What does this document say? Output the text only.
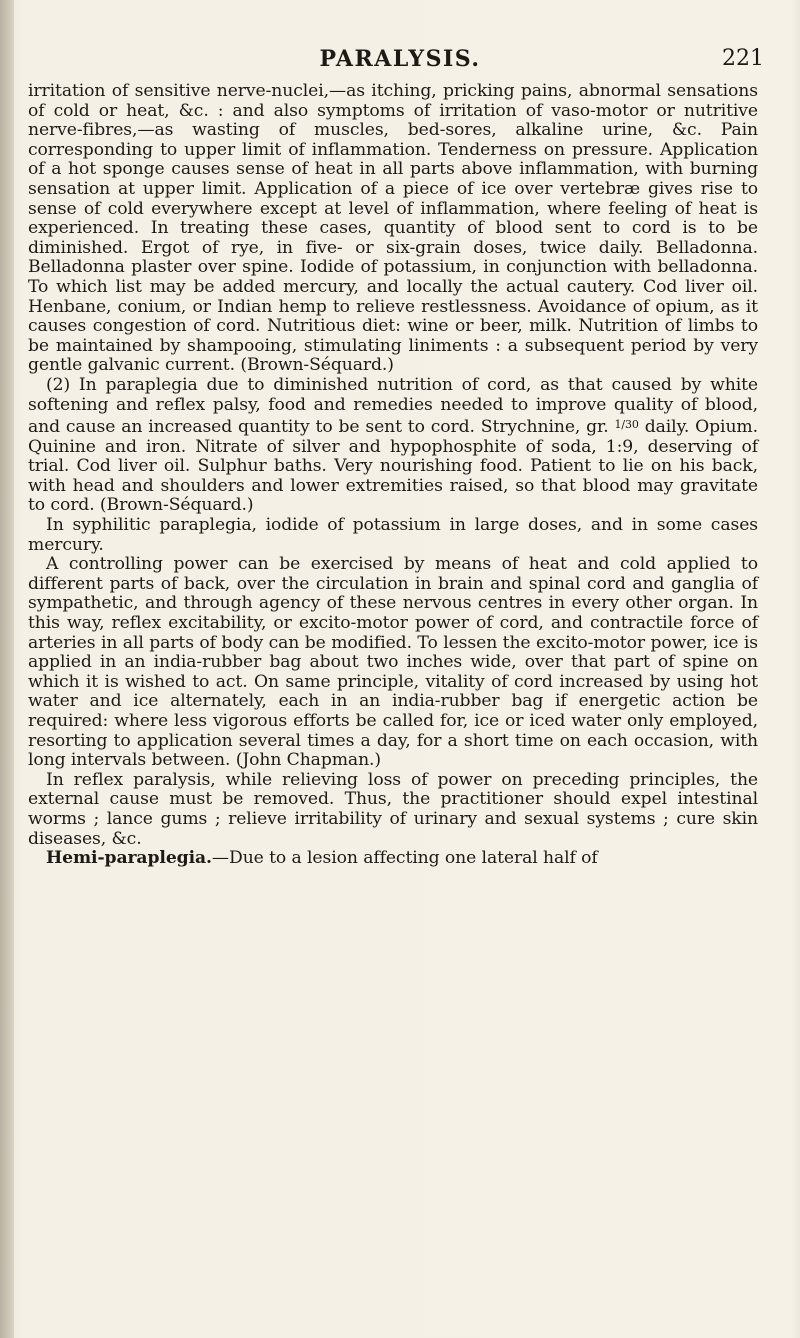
PARALYSIS.	221

irritation of sensitive nerve-nuclei,—as itching, pricking pains, abnormal sensations of cold or heat, &c. : and also symptoms of irritation of vaso-motor or nutritive nerve-fibres,—as wasting of muscles, bed-sores, alkaline urine, &c. Pain corresponding to upper limit of inflammation. Tenderness on pressure. Application of a hot sponge causes sense of heat in all parts above inflammation, with burning sensation at upper limit. Application of a piece of ice over vertebræ gives rise to sense of cold everywhere except at level of inflammation, where feeling of heat is experienced. In treating these cases, quantity of blood sent to cord is to be diminished. Ergot of rye, in five- or six-grain doses, twice daily. Belladonna. Belladonna plaster over spine. Iodide of potassium, in conjunction with belladonna. To which list may be added mercury, and locally the actual cautery. Cod liver oil. Henbane, conium, or Indian hemp to relieve restlessness. Avoidance of opium, as it causes congestion of cord. Nutritious diet: wine or beer, milk. Nutrition of limbs to be maintained by shampooing, stimulating liniments : a subsequent period by very gentle galvanic current. (Brown-Séquard.)

(2) In paraplegia due to diminished nutrition of cord, as that caused by white softening and reflex palsy, food and remedies needed to improve quality of blood, and cause an increased quantity to be sent to cord. Strychnine, gr. $^{1/30}$ daily. Opium. Quinine and iron. Nitrate of silver and hypophosphite of soda, 1:9, deserving of trial. Cod liver oil. Sulphur baths. Very nourishing food. Patient to lie on his back, with head and shoulders and lower extremities raised, so that blood may gravitate to cord. (Brown-Séquard.)

In syphilitic paraplegia, iodide of potassium in large doses, and in some cases mercury.

A controlling power can be exercised by means of heat and cold applied to different parts of back, over the circulation in brain and spinal cord and ganglia of sympathetic, and through agency of these nervous centres in every other organ. In this way, reflex excitability, or excito-motor power of cord, and contractile force of arteries in all parts of body can be modified. To lessen the excito-motor power, ice is applied in an india-rubber bag about two inches wide, over that part of spine on which it is wished to act. On same principle, vitality of cord increased by using hot water and ice alternately, each in an india-rubber bag if energetic action be required: where less vigorous efforts be called for, ice or iced water only employed, resorting to application several times a day, for a short time on each occasion, with long intervals between. (John Chapman.)

In reflex paralysis, while relieving loss of power on preceding principles, the external cause must be removed. Thus, the practitioner should expel intestinal worms ; lance gums ; relieve irritability of urinary and sexual systems ; cure skin diseases, &c.

Hemi-paraplegia.—Due to a lesion affecting one lateral half of
